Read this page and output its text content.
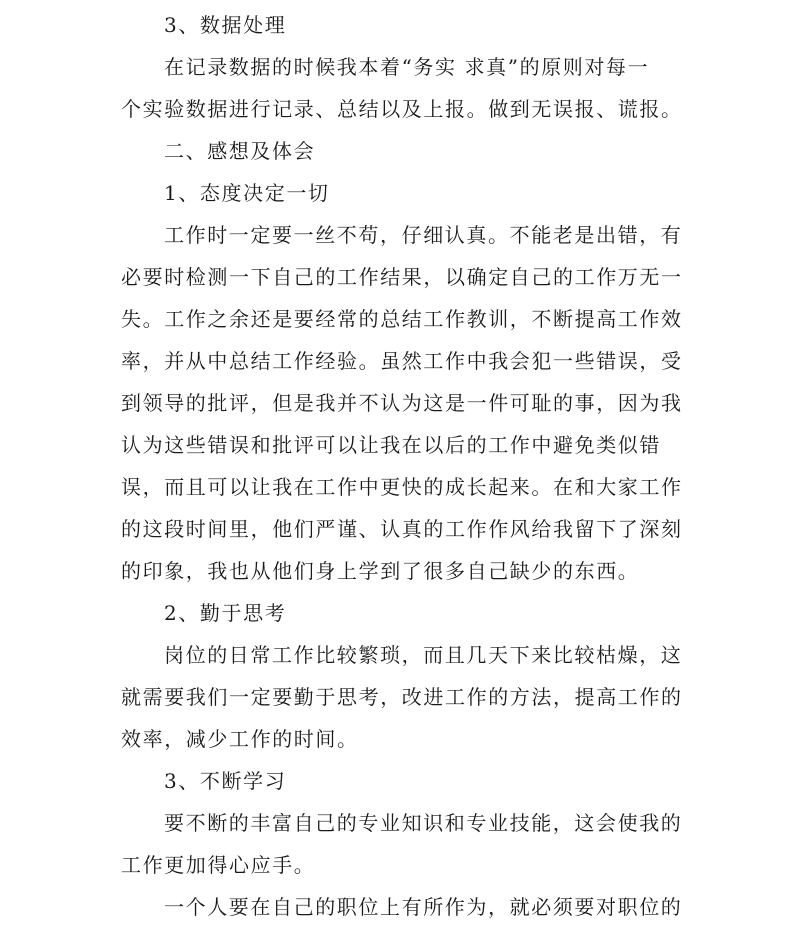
3、数据处理
在记录数据的时候我本着“务实 求真”的原则对每一
个实验数据进行记录、总结以及上报。做到无误报、谎报。
二、感想及体会
1、态度决定一切
工作时一定要一丝不苟，仔细认真。不能老是出错，有
必要时检测一下自己的工作结果，以确定自己的工作万无一
失。工作之余还是要经常的总结工作教训，不断提高工作效
率，并从中总结工作经验。虽然工作中我会犯一些错误，受
到领导的批评，但是我并不认为这是一件可耻的事，因为我
认为这些错误和批评可以让我在以后的工作中避免类似错
误，而且可以让我在工作中更快的成长起来。在和大家工作
的这段时间里，他们严谨、认真的工作作风给我留下了深刻
的印象，我也从他们身上学到了很多自己缺少的东西。
2、勤于思考
岗位的日常工作比较繁琐，而且几天下来比较枯燥，这
就需要我们一定要勤于思考，改进工作的方法，提高工作的
效率，减少工作的时间。
3、不断学习
要不断的丰富自己的专业知识和专业技能，这会使我的
工作更加得心应手。
一个人要在自己的职位上有所作为，就必须要对职位的
